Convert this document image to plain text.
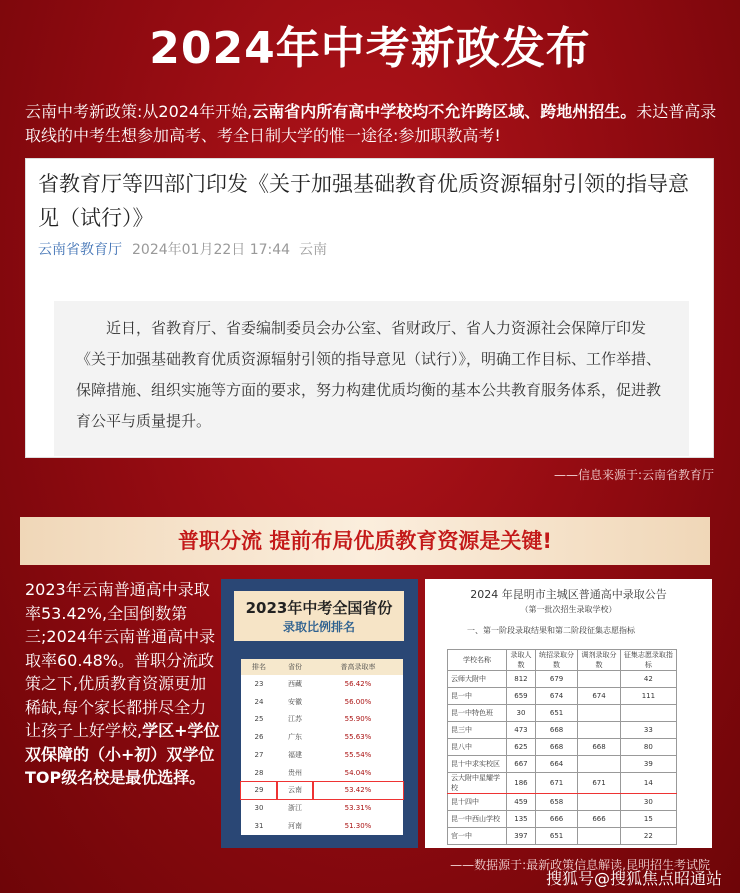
2024年中考新政发布
云南中考新政策:从2024年开始,云南省内所有高中学校均不允许跨区域、跨地州招生。未达普高录取线的中考生想参加高考、考全日制大学的惟一途径:参加职教高考!
省教育厅等四部门印发《关于加强基础教育优质资源辐射引领的指导意见（试行）》
云南省教育厅 2024年01月22日 17:44 云南
近日，省教育厅、省委编制委员会办公室、省财政厅、省人力资源社会保障厅印发《关于加强基础教育优质资源辐射引领的指导意见（试行）》，明确工作目标、工作举措、保障措施、组织实施等方面的要求，努力构建优质均衡的基本公共教育服务体系，促进教育公平与质量提升。
——信息来源于:云南省教育厅
普职分流 提前布局优质教育资源是关键!
2023年云南普通高中录取率53.42%,全国倒数第三;2024年云南普通高中录取率60.48%。普职分流政策之下,优质教育资源更加稀缺,每个家长都拼尽全力让孩子上好学校,学区+学位双保障的（小+初）双学位TOP级名校是最优选择。
2023年中考全国省份
录取比例排名
排名	省份	普高录取率
23	西藏	56.42%
24	安徽	56.00%
25	江苏	55.90%
26	广东	55.63%
27	福建	55.54%
28	贵州	54.04%
29	云南	53.42%
30	浙江	53.31%
31	河南	51.30%
2024 年昆明市主城区普通高中录取公告
（第一批次招生录取学校）
一、第一阶段录取结果和第二阶段征集志愿指标
学校名称	录取人数	统招录取分数	调剂录取分数	征集志愿录取指标
云师大附中	812	679		42
昆一中	659	674	674	111
昆一中特色班	30	651		
昆三中	473	668		33
昆八中	625	668	668	80
昆十中求实校区	667	664		39
云大附中星耀学校	186	671	671	14
昆十四中	459	658		30
昆一中西山学校	135	666	666	15
官一中	397	651		22
——数据源于:最新政策信息解读,昆明招生考试院
搜狐号@搜狐焦点昭通站
